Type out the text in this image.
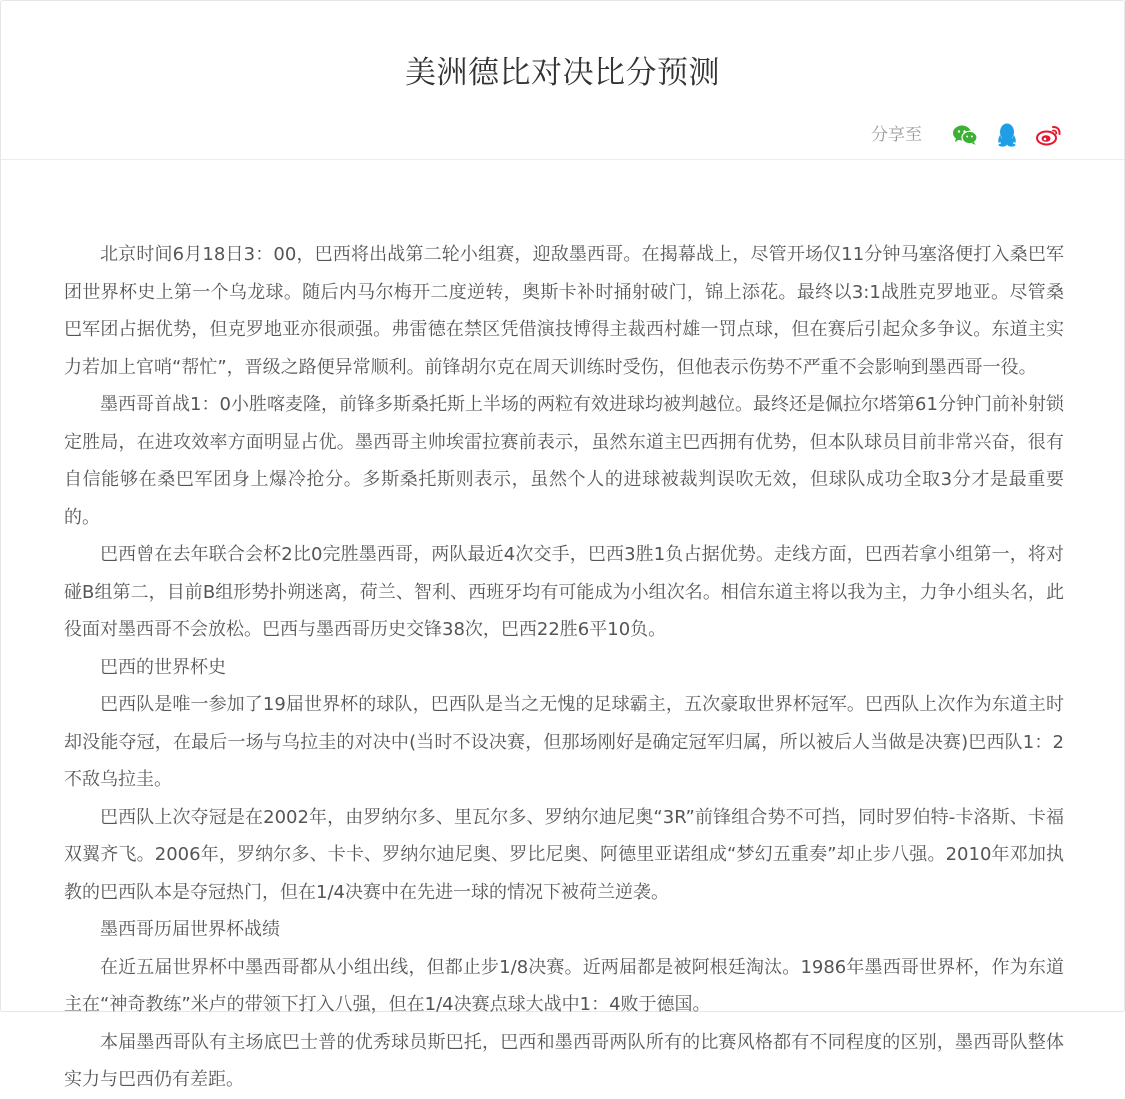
美洲德比对决比分预测
分享至

北京时间6月18日3：00，巴西将出战第二轮小组赛，迎敌墨西哥。在揭幕战上，尽管开场仅11分钟马塞洛便打入桑巴军团世界杯史上第一个乌龙球。随后内马尔梅开二度逆转，奥斯卡补时捅射破门，锦上添花。最终以3:1战胜克罗地亚。尽管桑巴军团占据优势，但克罗地亚亦很顽强。弗雷德在禁区凭借演技博得主裁西村雄一罚点球，但在赛后引起众多争议。东道主实力若加上官哨“帮忙”，晋级之路便异常顺利。前锋胡尔克在周天训练时受伤，但他表示伤势不严重不会影响到墨西哥一役。

墨西哥首战1：0小胜喀麦隆，前锋多斯桑托斯上半场的两粒有效进球均被判越位。最终还是佩拉尔塔第61分钟门前补射锁定胜局，在进攻效率方面明显占优。墨西哥主帅埃雷拉赛前表示，虽然东道主巴西拥有优势，但本队球员目前非常兴奋，很有自信能够在桑巴军团身上爆冷抢分。多斯桑托斯则表示，虽然个人的进球被裁判误吹无效，但球队成功全取3分才是最重要的。

巴西曾在去年联合会杯2比0完胜墨西哥，两队最近4次交手，巴西3胜1负占据优势。走线方面，巴西若拿小组第一，将对碰B组第二，目前B组形势扑朔迷离，荷兰、智利、西班牙均有可能成为小组次名。相信东道主将以我为主，力争小组头名，此役面对墨西哥不会放松。巴西与墨西哥历史交锋38次，巴西22胜6平10负。

巴西的世界杯史

巴西队是唯一参加了19届世界杯的球队，巴西队是当之无愧的足球霸主，五次豪取世界杯冠军。巴西队上次作为东道主时却没能夺冠，在最后一场与乌拉圭的对决中(当时不设决赛，但那场刚好是确定冠军归属，所以被后人当做是决赛)巴西队1：2不敌乌拉圭。

巴西队上次夺冠是在2002年，由罗纳尔多、里瓦尔多、罗纳尔迪尼奥“3R”前锋组合势不可挡，同时罗伯特-卡洛斯、卡福双翼齐飞。2006年，罗纳尔多、卡卡、罗纳尔迪尼奥、罗比尼奥、阿德里亚诺组成“梦幻五重奏”却止步八强。2010年邓加执教的巴西队本是夺冠热门，但在1/4决赛中在先进一球的情况下被荷兰逆袭。

墨西哥历届世界杯战绩

在近五届世界杯中墨西哥都从小组出线，但都止步1/8决赛。近两届都是被阿根廷淘汰。1986年墨西哥世界杯，作为东道主在“神奇教练”米卢的带领下打入八强，但在1/4决赛点球大战中1：4败于德国。

本届墨西哥队有主场底巴士普的优秀球员斯巴托，巴西和墨西哥两队所有的比赛风格都有不同程度的区别，墨西哥队整体实力与巴西仍有差距。
